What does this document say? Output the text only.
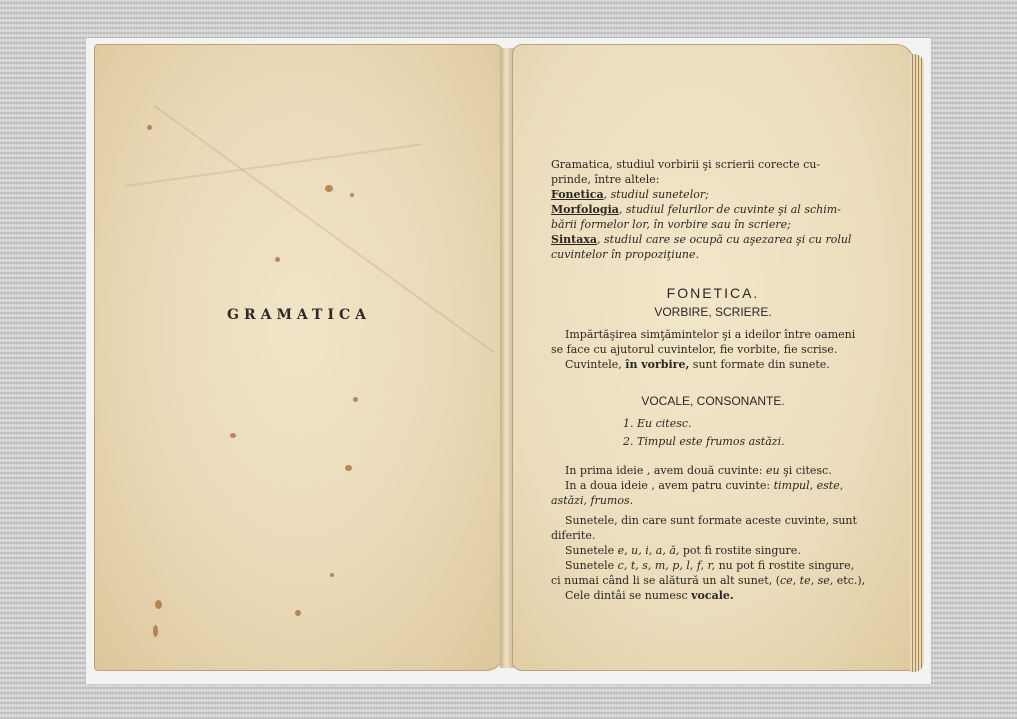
GRAMATICA
Gramatica, studiul vorbirii şi scrierii corecte cu-
prinde, între altele:
Fonetica, studiul sunetelor;
Morfologia, studiul felurilor de cuvinte şi al schim-
bării formelor lor, în vorbire sau în scriere;
Sintaxa, studiul care se ocupă cu aşezarea şi cu rolul
cuvintelor în propoziţiune.
FONETICA.
VORBIRE, SCRIERE.
Impărtăşirea simţămintelor şi a ideilor între oameni
se face cu ajutorul cuvintelor, fie vorbite, fie scrise.
Cuvintele, în vorbire, sunt formate din sunete.
VOCALE, CONSONANTE.
1. Eu citesc.
2. Timpul este frumos astăzi.
In prima ideie , avem două cuvinte: eu şi citesc.
In a doua ideie , avem patru cuvinte: timpul, este,
astăzi, frumos.
Sunetele, din care sunt formate aceste cuvinte, sunt
diferite.
Sunetele e, u, i, a, ă, pot fi rostite singure.
Sunetele c, t, s, m, p, l, f, r, nu pot fi rostite singure,
ci numai când li se alătură un alt sunet, (ce, te, se, etc.),
Cele dintâi se numesc vocale.
